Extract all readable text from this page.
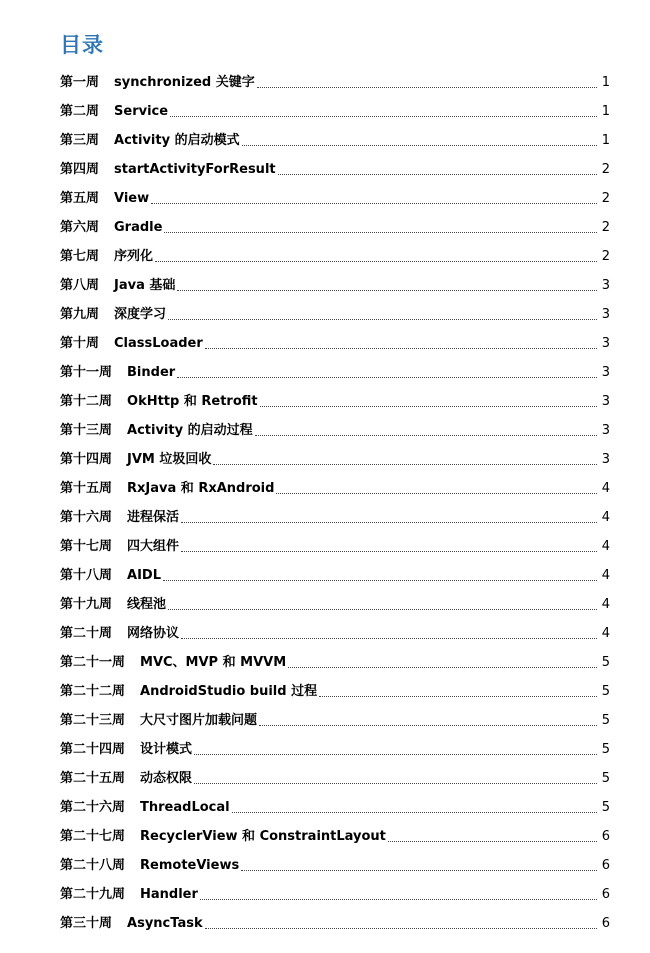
目录
第一周 synchronized 关键字	1
第二周 Service	1
第三周 Activity 的启动模式	1
第四周 startActivityForResult	2
第五周 View	2
第六周 Gradle	2
第七周 序列化	2
第八周 Java 基础	3
第九周 深度学习	3
第十周 ClassLoader	3
第十一周 Binder	3
第十二周 OkHttp 和 Retrofit	3
第十三周 Activity 的启动过程	3
第十四周 JVM 垃圾回收	3
第十五周 RxJava 和 RxAndroid	4
第十六周 进程保活	4
第十七周 四大组件	4
第十八周 AIDL	4
第十九周 线程池	4
第二十周 网络协议	4
第二十一周 MVC、MVP 和 MVVM	5
第二十二周 AndroidStudio build 过程	5
第二十三周 大尺寸图片加载问题	5
第二十四周 设计模式	5
第二十五周 动态权限	5
第二十六周 ThreadLocal	5
第二十七周 RecyclerView 和 ConstraintLayout	6
第二十八周 RemoteViews	6
第二十九周 Handler	6
第三十周 AsyncTask	6
